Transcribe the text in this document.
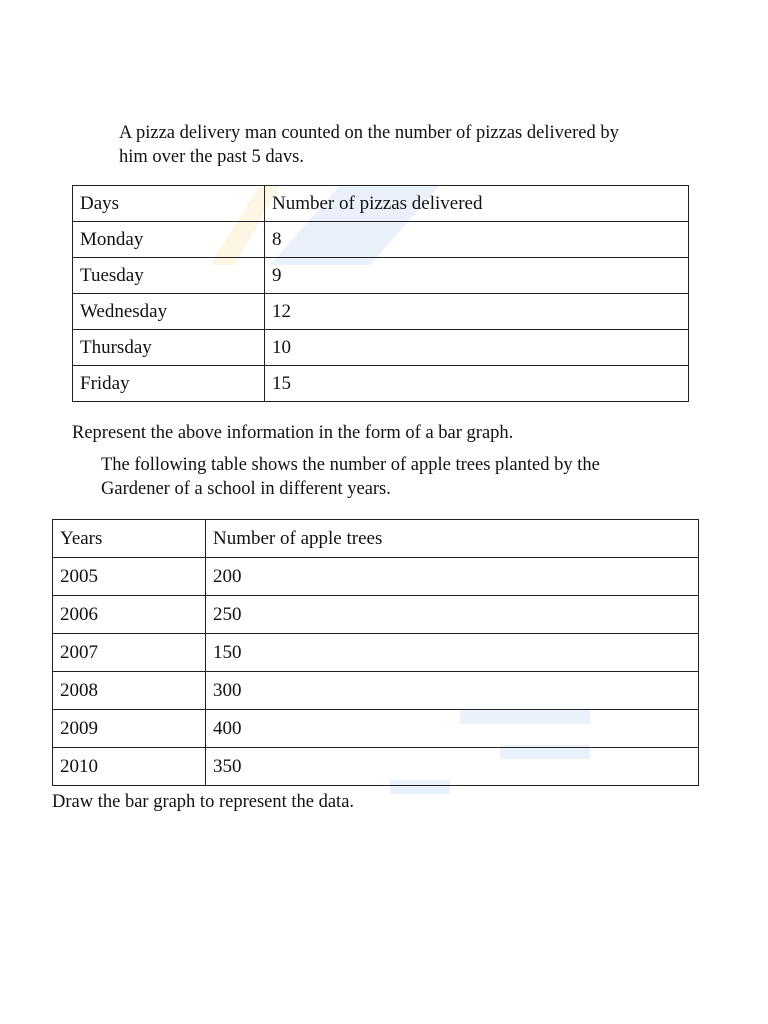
A pizza delivery man counted on the number of pizzas delivered by

him over the past 5 davs.

Days	Number of pizzas delivered
Monday	8
Tuesday	9
Wednesday	12
Thursday	10
Friday	15

Represent the above information in the form of a bar graph.

The following table shows the number of apple trees planted by the

Gardener of a school in different years.

Years	Number of apple trees
2005	200
2006	250
2007	150
2008	300
2009	400
2010	350

Draw the bar graph to represent the data.
